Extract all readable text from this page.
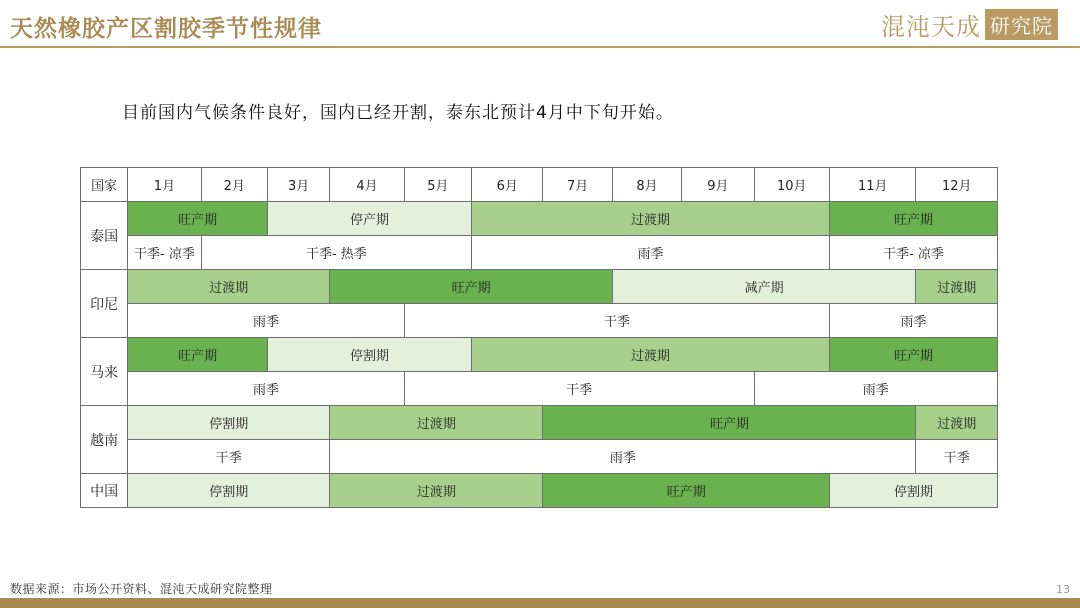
天然橡胶产区割胶季节性规律	混沌天成 研究院
目前国内气候条件良好，国内已经开割，泰东北预计4月中下旬开始。
国家	1月	2月	3月	4月	5月	6月	7月	8月	9月	10月	11月	12月
泰国	旺产期		停产期			过渡期					旺产期	
	干季- 凉季	干季- 热季				雨季					干季- 凉季	
印尼	过渡期			旺产期				减产期				过渡期
	雨季				干季						雨季	
马来	旺产期		停割期			过渡期					旺产期	
	雨季				干季					雨季		
越南	停割期			过渡期			旺产期					过渡期
	干季			雨季								干季
中国	停割期			过渡期			旺产期				停割期	
数据来源：市场公开资料、混沌天成研究院整理	13
